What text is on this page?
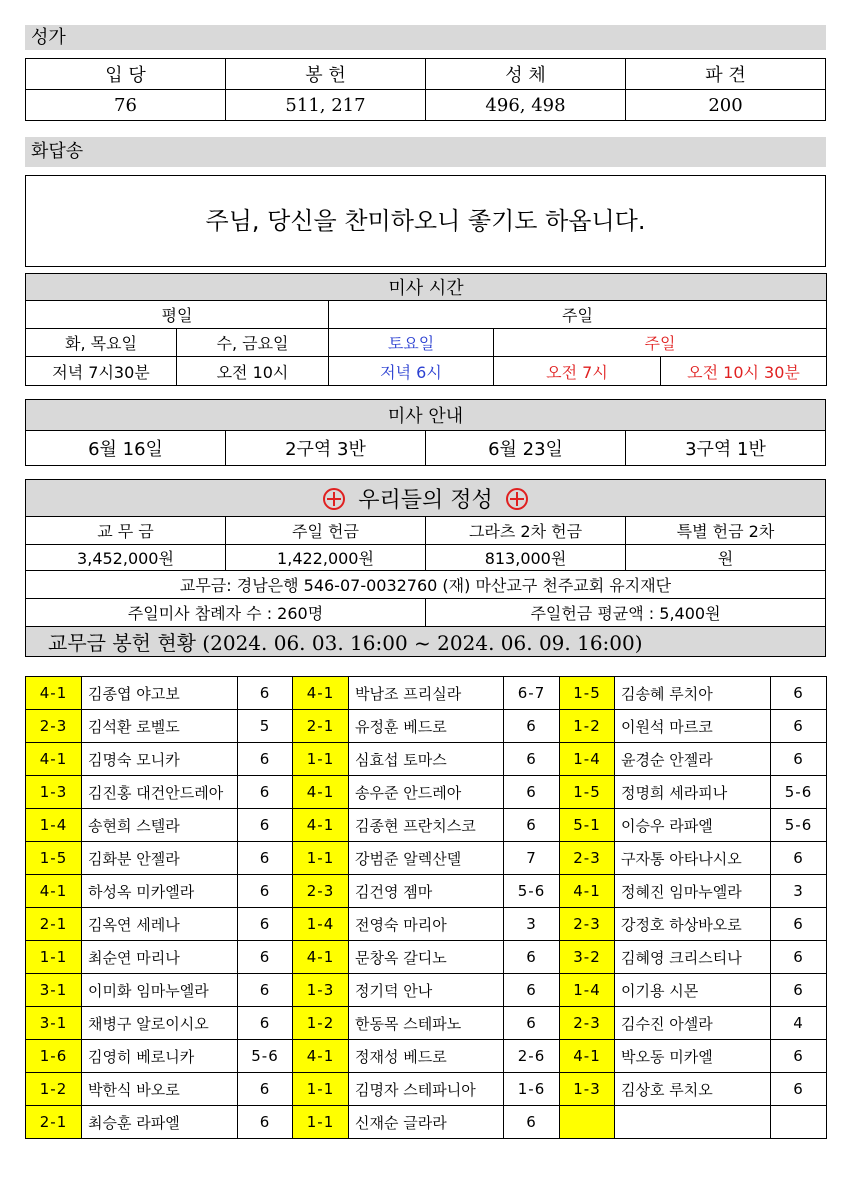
성가
입 당	봉 헌	성 체	파 견
76	511, 217	496, 498	200
화답송
주님, 당신을 찬미하오니 좋기도 하옵니다.
미사 시간				
평일		주일		
화, 목요일	수, 금요일	토요일	주일	
저녁 7시30분	오전 10시	저녁 6시	오전 7시	오전 10시 30분
미사 안내
6월 16일	2구역 3반	6월 23일	3구역 1반
우리들의 정성			
교 무 금	주일 헌금	그라츠 2차 헌금	특별 헌금 2차
3,452,000원	1,422,000원	813,000원	원
교무금: 경남은행 546-07-0032760 (재) 마산교구 천주교회 유지재단			
주일미사 참례자 수 : 260명		주일헌금 평균액 : 5,400원	
교무금 봉헌 현황 (2024. 06. 03. 16:00 ~ 2024. 06. 09. 16:00)			
4-1	김종엽 야고보	6	4-1	박남조 프리실라	6-7	1-5	김송혜 루치아	6
2-3	김석환 로벨도	5	2-1	유정훈 베드로	6	1-2	이원석 마르코	6
4-1	김명숙 모니카	6	1-1	심효섭 토마스	6	1-4	윤경순 안젤라	6
1-3	김진홍 대건안드레아	6	4-1	송우준 안드레아	6	1-5	정명희 세라피나	5-6
1-4	송현희 스텔라	6	4-1	김종현 프란치스코	6	5-1	이승우 라파엘	5-6
1-5	김화분 안젤라	6	1-1	강범준 알렉산델	7	2-3	구자통 아타나시오	6
4-1	하성옥 미카엘라	6	2-3	김건영 젬마	5-6	4-1	정혜진 임마누엘라	3
2-1	김옥연 세레나	6	1-4	전영숙 마리아	3	2-3	강정호 하상바오로	6
1-1	최순연 마리나	6	4-1	문창옥 갈디노	6	3-2	김혜영 크리스티나	6
3-1	이미화 임마누엘라	6	1-3	정기덕 안나	6	1-4	이기용 시몬	6
3-1	채병구 알로이시오	6	1-2	한동목 스테파노	6	2-3	김수진 아셀라	4
1-6	김영히 베로니카	5-6	4-1	정재성 베드로	2-6	4-1	박오동 미카엘	6
1-2	박한식 바오로	6	1-1	김명자 스테파니아	1-6	1-3	김상호 루치오	6
2-1	최승훈 라파엘	6	1-1	신재순 글라라	6			
